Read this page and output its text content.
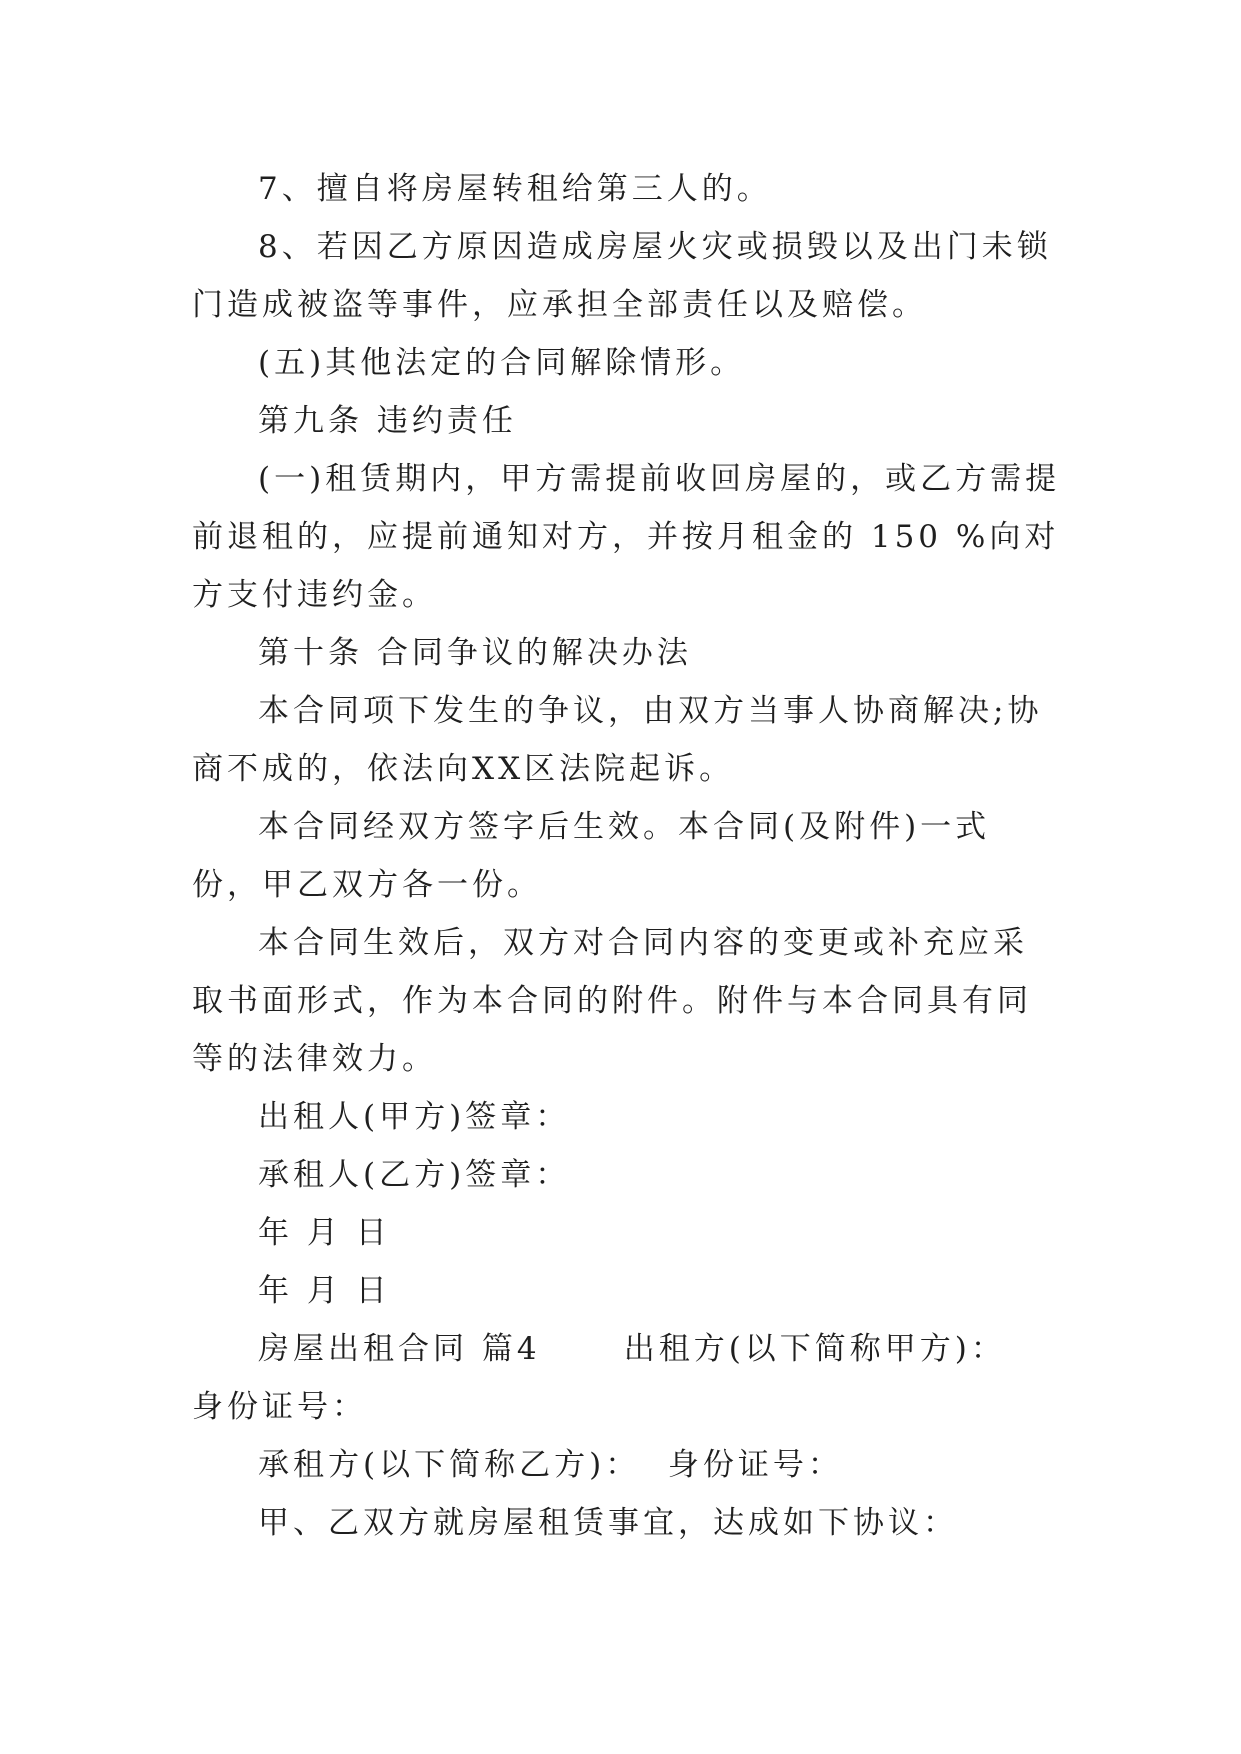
7、擅自将房屋转租给第三人的。

8、若因乙方原因造成房屋火灾或损毁以及出门未锁门造成被盗等事件，应承担全部责任以及赔偿。

(五)其他法定的合同解除情形。

第九条 违约责任

(一)租赁期内，甲方需提前收回房屋的，或乙方需提前退租的，应提前通知对方，并按月租金的 150 %向对方支付违约金。

第十条 合同争议的解决办法

本合同项下发生的争议，由双方当事人协商解决;协商不成的，依法向XX区法院起诉。

本合同经双方签字后生效。本合同(及附件)一式 份，甲乙双方各一份。

本合同生效后，双方对合同内容的变更或补充应采取书面形式，作为本合同的附件。附件与本合同具有同等的法律效力。

出租人(甲方)签章：

承租人(乙方)签章：

年 月 日

年 月 日

房屋出租合同 篇4      出租方(以下简称甲方)：  身份证号：

承租方(以下简称乙方)：  身份证号：

甲、乙双方就房屋租赁事宜，达成如下协议：
